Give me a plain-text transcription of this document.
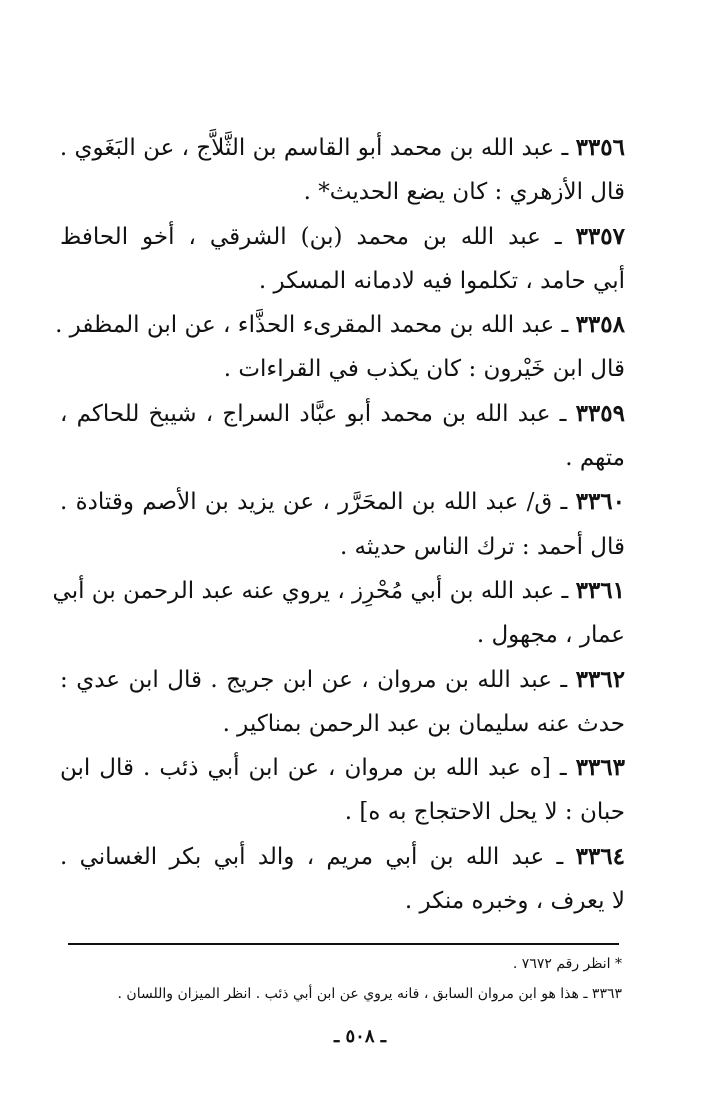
٣٣٥٦ ـ عبد الله بن محمد أبو القاسم بن الثَّلاَّج ، عن البَغَوي .
قال الأزهري : كان يضع الحديث* .
٣٣٥٧ ـ عبد الله بن محمد (بن) الشرقي ، أخو الحافظ
أبي حامد ، تكلموا فيه لادمانه المسكر .
٣٣٥٨ ـ عبد الله بن محمد المقرىء الحذَّاء ، عن ابن المظفر .
قال ابن خَيْرون : كان يكذب في القراءات .
٣٣٥٩ ـ عبد الله بن محمد أبو عبَّاد السراج ، شيبخ للحاكم ،
متهم .
٣٣٦٠ ـ ق/ عبد الله بن المحَرَّر ، عن يزيد بن الأصم وقتادة .
قال أحمد : ترك الناس حديثه .
٣٣٦١ ـ عبد الله بن أبي مُحْرِز ، يروي عنه عبد الرحمن بن أبي
عمار ، مجهول .
٣٣٦٢ ـ عبد الله بن مروان ، عن ابن جريج . قال ابن عدي :
حدث عنه سليمان بن عبد الرحمن بمناكير .
٣٣٦٣ ـ [ه عبد الله بن مروان ، عن ابن أبي ذئب . قال ابن
حبان : لا يحل الاحتجاج به ه] .
٣٣٦٤ ـ عبد الله بن أبي مريم ، والد أبي بكر الغساني .
لا يعرف ، وخبره منكر .
* انظر رقم ٧٦٧٢ .
٣٣٦٣ ـ هذا هو ابن مروان السابق ، فانه يروي عن ابن أبي ذئب . انظر الميزان واللسان .
ـ ٥٠٨ ـ
